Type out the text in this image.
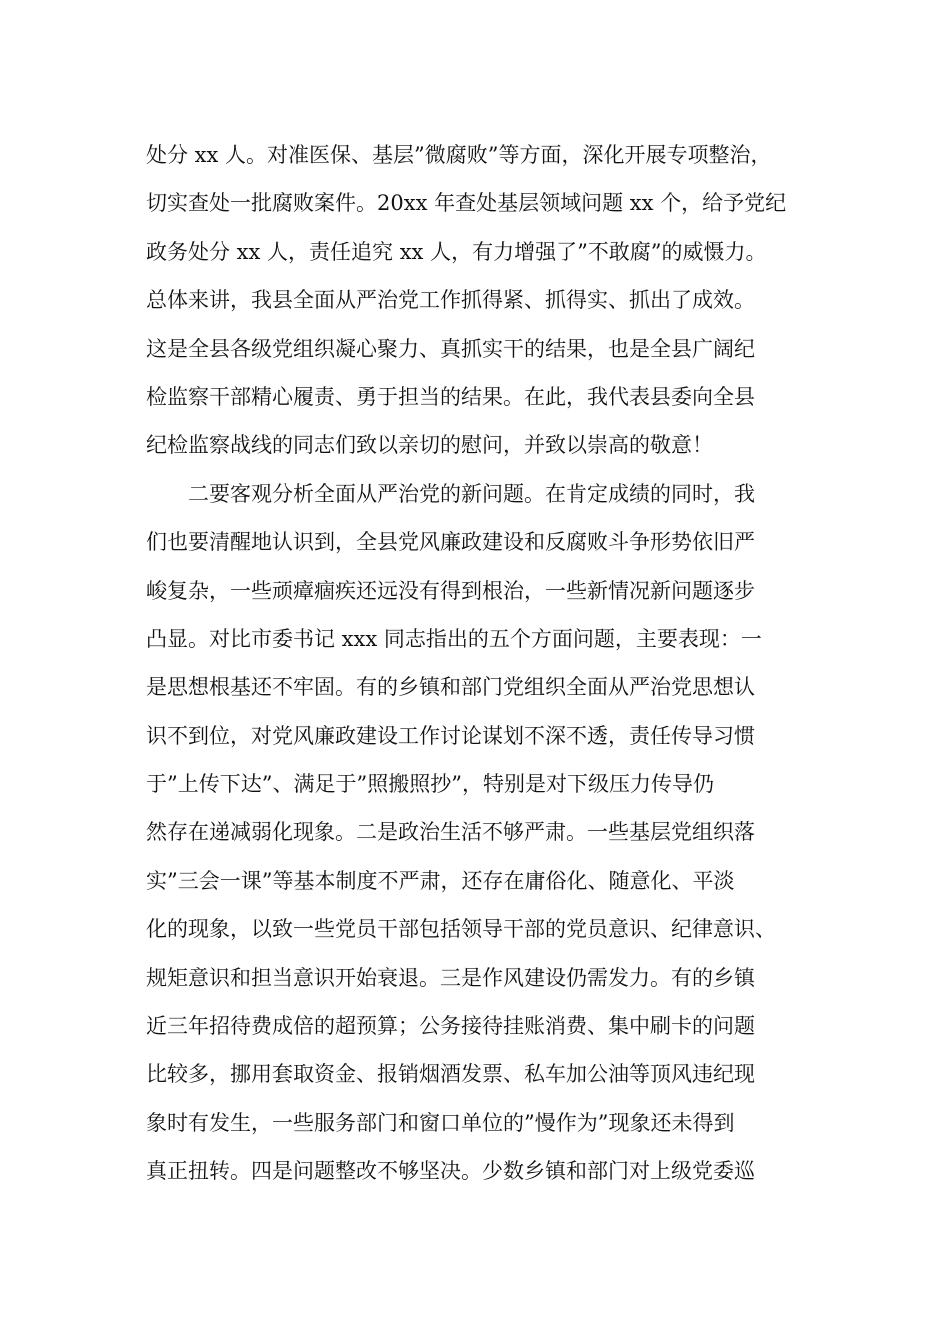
处分 xx 人。对准医保、基层”微腐败”等方面，深化开展专项整治，
切实查处一批腐败案件。20xx 年查处基层领域问题 xx 个，给予党纪
政务处分 xx 人，责任追究 xx 人，有力增强了”不敢腐”的威慑力。
总体来讲，我县全面从严治党工作抓得紧、抓得实、抓出了成效。
这是全县各级党组织凝心聚力、真抓实干的结果，也是全县广阔纪
检监察干部精心履责、勇于担当的结果。在此，我代表县委向全县
纪检监察战线的同志们致以亲切的慰问，并致以崇高的敬意！
　　二要客观分析全面从严治党的新问题。在肯定成绩的同时，我
们也要清醒地认识到，全县党风廉政建设和反腐败斗争形势依旧严
峻复杂，一些顽瘴痼疾还远没有得到根治，一些新情况新问题逐步
凸显。对比市委书记 xxx 同志指出的五个方面问题，主要表现：一
是思想根基还不牢固。有的乡镇和部门党组织全面从严治党思想认
识不到位，对党风廉政建设工作讨论谋划不深不透，责任传导习惯
于”上传下达”、满足于”照搬照抄”，特别是对下级压力传导仍
然存在递减弱化现象。二是政治生活不够严肃。一些基层党组织落
实”三会一课”等基本制度不严肃，还存在庸俗化、随意化、平淡
化的现象，以致一些党员干部包括领导干部的党员意识、纪律意识、
规矩意识和担当意识开始衰退。三是作风建设仍需发力。有的乡镇
近三年招待费成倍的超预算；公务接待挂账消费、集中刷卡的问题
比较多，挪用套取资金、报销烟酒发票、私车加公油等顶风违纪现
象时有发生，一些服务部门和窗口单位的”慢作为”现象还未得到
真正扭转。四是问题整改不够坚决。少数乡镇和部门对上级党委巡
